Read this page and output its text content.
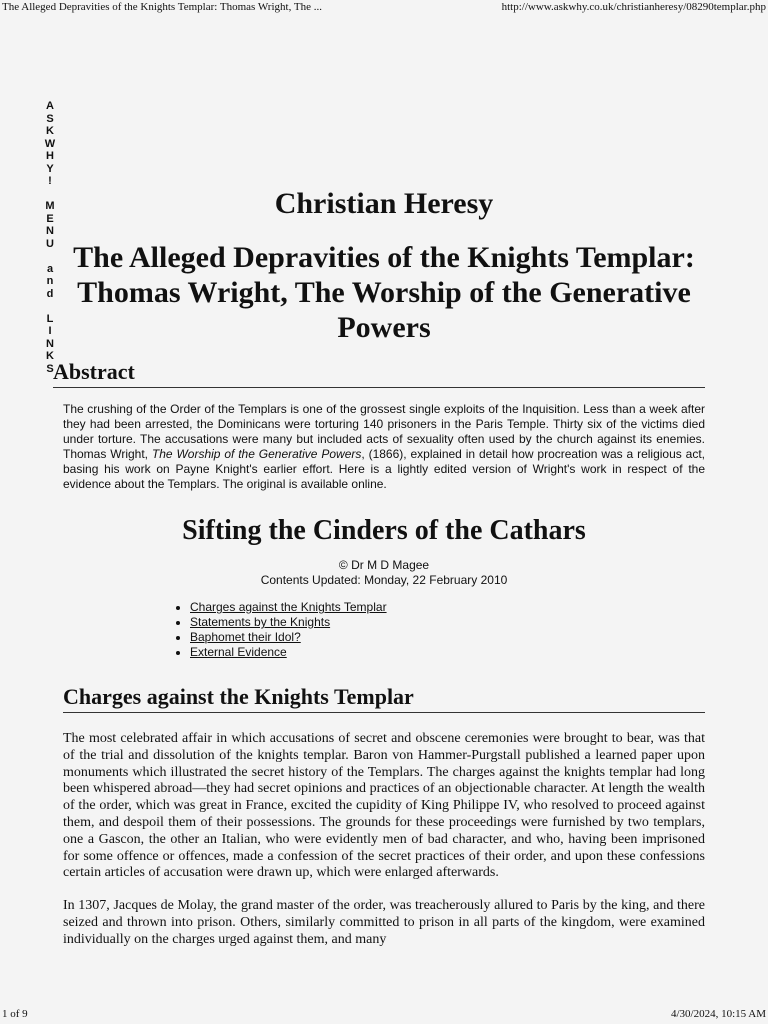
The Alleged Depravities of the Knights Templar: Thomas Wright, The ...	http://www.askwhy.co.uk/christianheresy/08290templar.php
A
S
K
W
H
Y
!

M
E
N
U

a
n
d

L
I
N
K
S
Christian Heresy
The Alleged Depravities of the Knights Templar: Thomas Wright, The Worship of the Generative Powers
Abstract

The crushing of the Order of the Templars is one of the grossest single exploits of the Inquisition. Less than a week after they had been arrested, the Dominicans were torturing 140 prisoners in the Paris Temple. Thirty six of the victims died under torture. The accusations were many but included acts of sexuality often used by the church against its enemies. Thomas Wright, The Worship of the Generative Powers, (1866), explained in detail how procreation was a religious act, basing his work on Payne Knight's earlier effort. Here is a lightly edited version of Wright's work in respect of the evidence about the Templars. The original is available online.

Sifting the Cinders of the Cathars
© Dr M D Magee
Contents Updated: Monday, 22 February 2010
• Charges against the Knights Templar
• Statements by the Knights
• Baphomet their Idol?
• External Evidence
Charges against the Knights Templar

The most celebrated affair in which accusations of secret and obscene ceremonies were brought to bear, was that of the trial and dissolution of the knights templar. Baron von Hammer-Purgstall published a learned paper upon monuments which illustrated the secret history of the Templars. The charges against the knights templar had long been whispered abroad—they had secret opinions and practices of an objectionable character. At length the wealth of the order, which was great in France, excited the cupidity of King Philippe IV, who resolved to proceed against them, and despoil them of their possessions. The grounds for these proceedings were furnished by two templars, one a Gascon, the other an Italian, who were evidently men of bad character, and who, having been imprisoned for some offence or offences, made a confession of the secret practices of their order, and upon these confessions certain articles of accusation were drawn up, which were enlarged afterwards.

In 1307, Jacques de Molay, the grand master of the order, was treacherously allured to Paris by the king, and there seized and thrown into prison. Others, similarly committed to prison in all parts of the kingdom, were examined individually on the charges urged against them, and many

1 of 9	4/30/2024, 10:15 AM
